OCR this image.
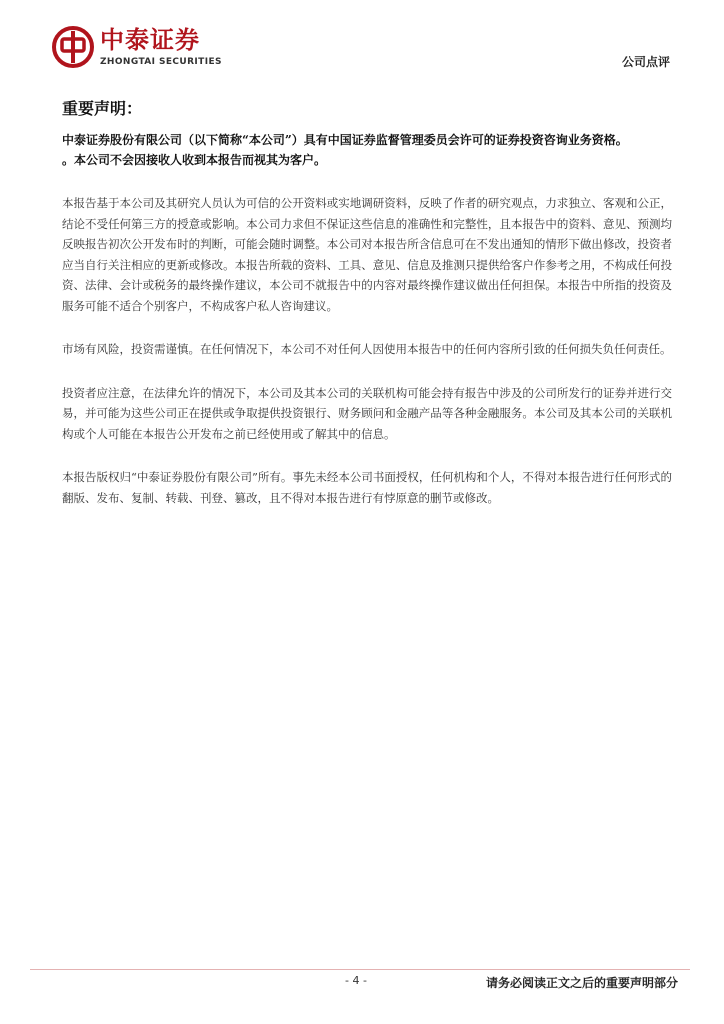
中泰证券
ZHONGTAI SECURITIES	公司点评
重要声明：
中泰证券股份有限公司（以下简称“本公司”）具有中国证券监督管理委员会许可的证券投资咨询业务资格。
。本公司不会因接收人收到本报告而视其为客户。

本报告基于本公司及其研究人员认为可信的公开资料或实地调研资料，反映了作者的研究观点，力求独立、客观和公正，结论不受任何第三方的授意或影响。本公司力求但不保证这些信息的准确性和完整性，且本报告中的资料、意见、预测均反映报告初次公开发布时的判断，可能会随时调整。本公司对本报告所含信息可在不发出通知的情形下做出修改，投资者应当自行关注相应的更新或修改。本报告所载的资料、工具、意见、信息及推测只提供给客户作参考之用，不构成任何投资、法律、会计或税务的最终操作建议，本公司不就报告中的内容对最终操作建议做出任何担保。本报告中所指的投资及服务可能不适合个别客户，不构成客户私人咨询建议。

市场有风险，投资需谨慎。在任何情况下，本公司不对任何人因使用本报告中的任何内容所引致的任何损失负任何责任。

投资者应注意，在法律允许的情况下，本公司及其本公司的关联机构可能会持有报告中涉及的公司所发行的证券并进行交易，并可能为这些公司正在提供或争取提供投资银行、财务顾问和金融产品等各种金融服务。本公司及其本公司的关联机构或个人可能在本报告公开发布之前已经使用或了解其中的信息。

本报告版权归“中泰证券股份有限公司”所有。事先未经本公司书面授权，任何机构和个人，不得对本报告进行任何形式的翻版、发布、复制、转载、刊登、篡改，且不得对本报告进行有悖原意的删节或修改。

- 4 -	请务必阅读正文之后的重要声明部分
